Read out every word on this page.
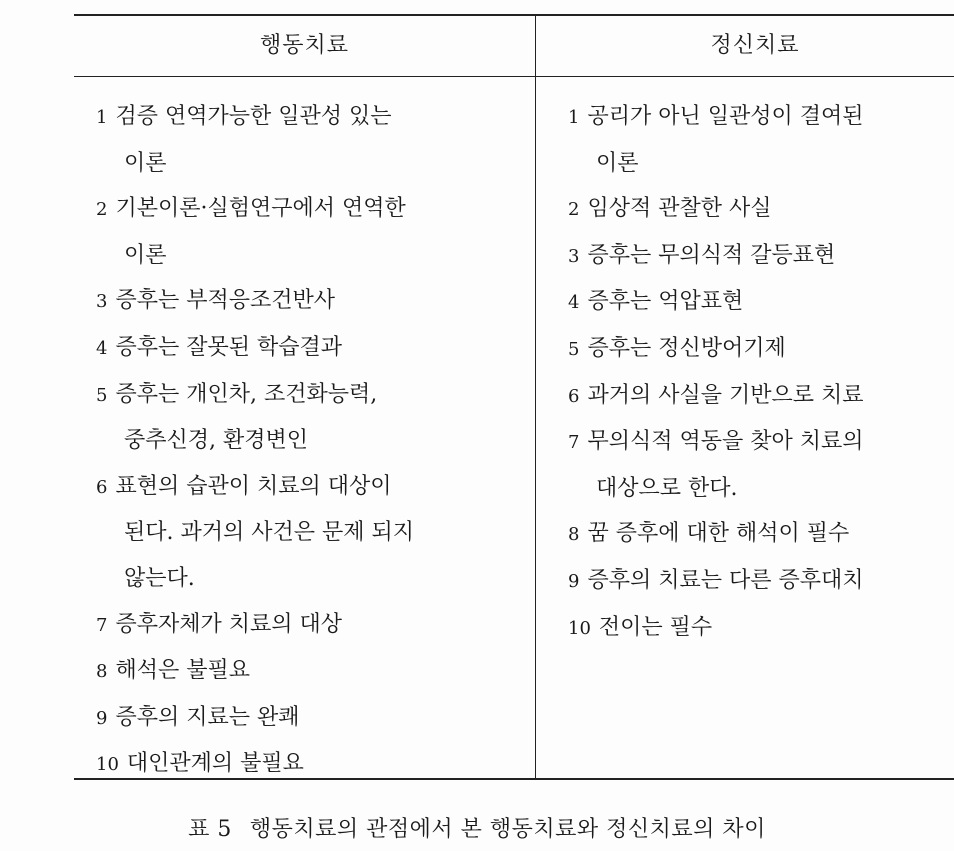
행동치료	정신치료
1 검증 연역가능한 일관성 있는
이론
2 기본이론·실험연구에서 연역한
이론
3 증후는 부적응조건반사
4 증후는 잘못된 학습결과
5 증후는 개인차, 조건화능력,
중추신경, 환경변인
6 표현의 습관이 치료의 대상이
된다. 과거의 사건은 문제 되지
않는다.
7 증후자체가 치료의 대상
8 해석은 불필요
9 증후의 지료는 완쾌
10 대인관계의 불필요
1 공리가 아닌 일관성이 결여된
이론
2 임상적 관찰한 사실
3 증후는 무의식적 갈등표현
4 증후는 억압표현
5 증후는 정신방어기제
6 과거의 사실을 기반으로 치료
7 무의식적 역동을 찾아 치료의
대상으로 한다.
8 꿈 증후에 대한 해석이 필수
9 증후의 치료는 다른 증후대치
10 전이는 필수
표 5 행동치료의 관점에서 본 행동치료와 정신치료의 차이
